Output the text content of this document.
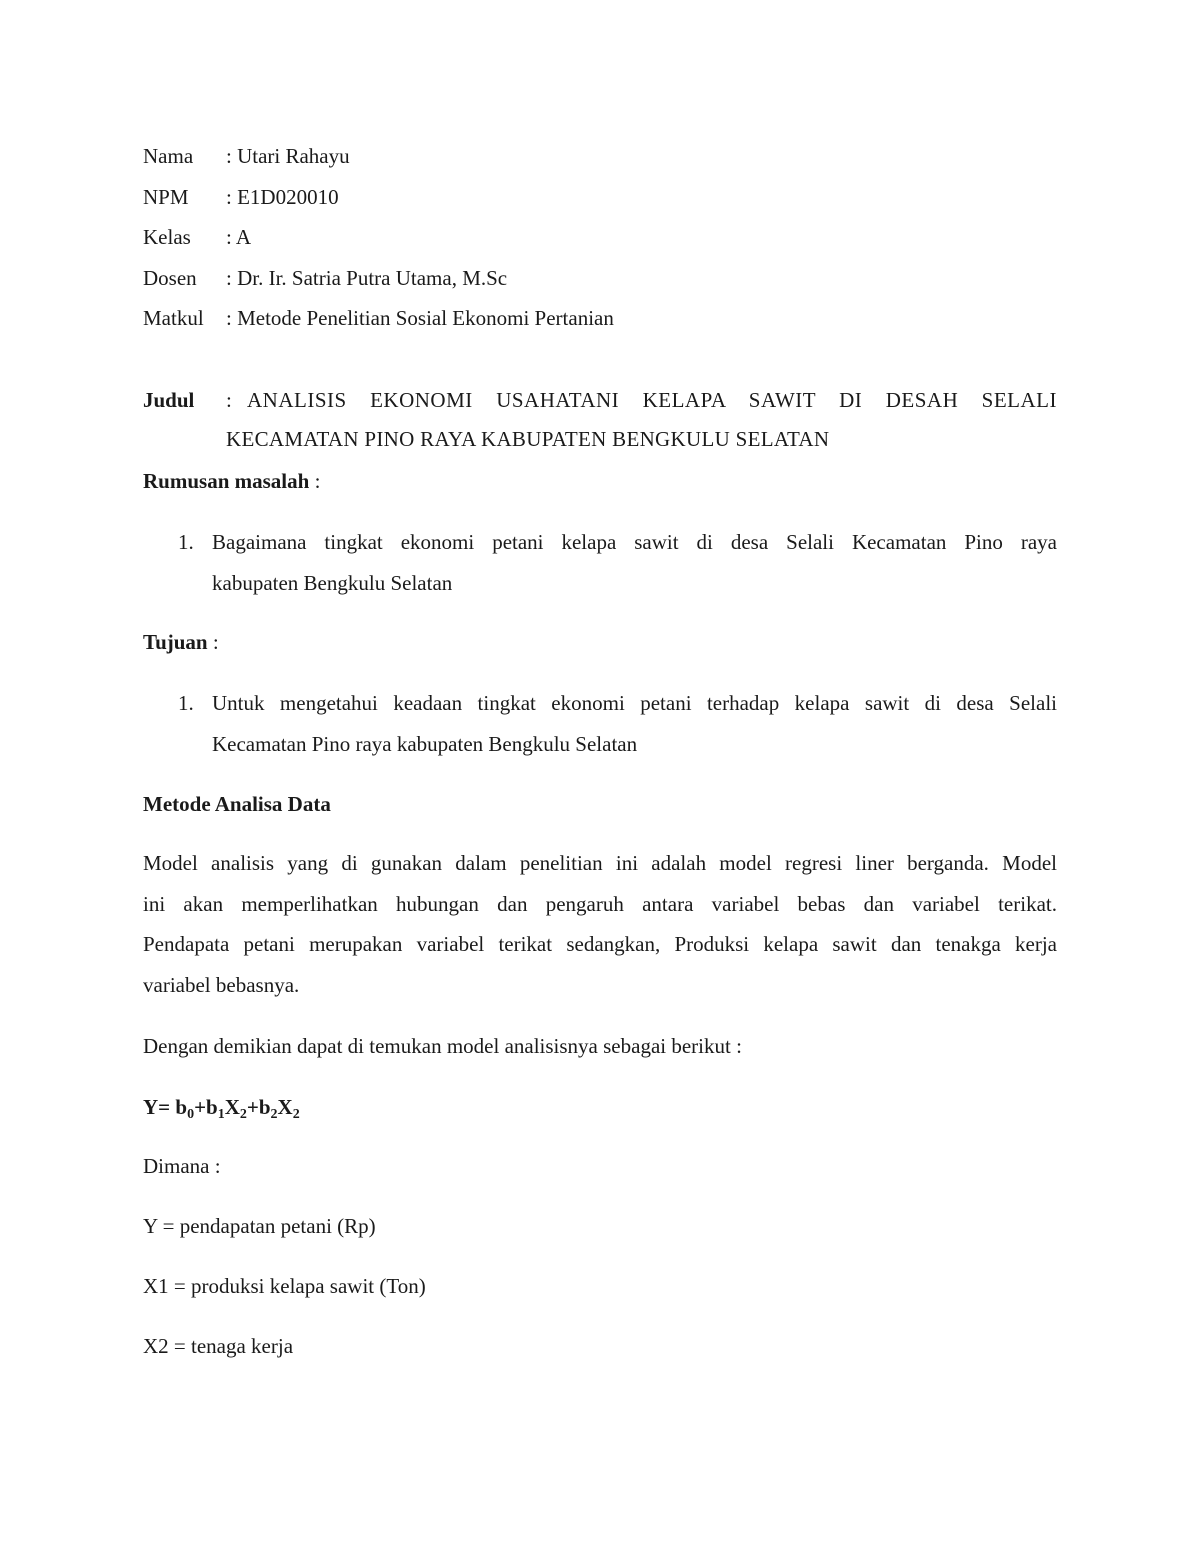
Nama	: Utari Rahayu
NPM	: E1D020010
Kelas	: A
Dosen	: Dr. Ir. Satria Putra Utama, M.Sc
Matkul	: Metode Penelitian Sosial Ekonomi Pertanian
Judul : ANALISIS EKONOMI USAHATANI KELAPA SAWIT DI DESAH SELALI
KECAMATAN PINO RAYA KABUPATEN BENGKULU SELATAN
Rumusan masalah :
1. Bagaimana tingkat ekonomi petani kelapa sawit di desa Selali Kecamatan Pino raya
kabupaten Bengkulu Selatan
Tujuan :
1. Untuk mengetahui keadaan tingkat ekonomi petani terhadap kelapa sawit di desa Selali
Kecamatan Pino raya kabupaten Bengkulu Selatan
Metode Analisa Data
Model analisis yang di gunakan dalam penelitian ini adalah model regresi liner berganda. Model
ini akan memperlihatkan hubungan dan pengaruh antara variabel bebas dan variabel terikat.
Pendapata petani merupakan variabel terikat sedangkan, Produksi kelapa sawit dan tenakga kerja
variabel bebasnya.
Dengan demikian dapat di temukan model analisisnya sebagai berikut :
$Y= b_0+b_1X_2+b_2X_2$
Dimana :
Y = pendapatan petani (Rp)
X1 = produksi kelapa sawit (Ton)
X2 = tenaga kerja
